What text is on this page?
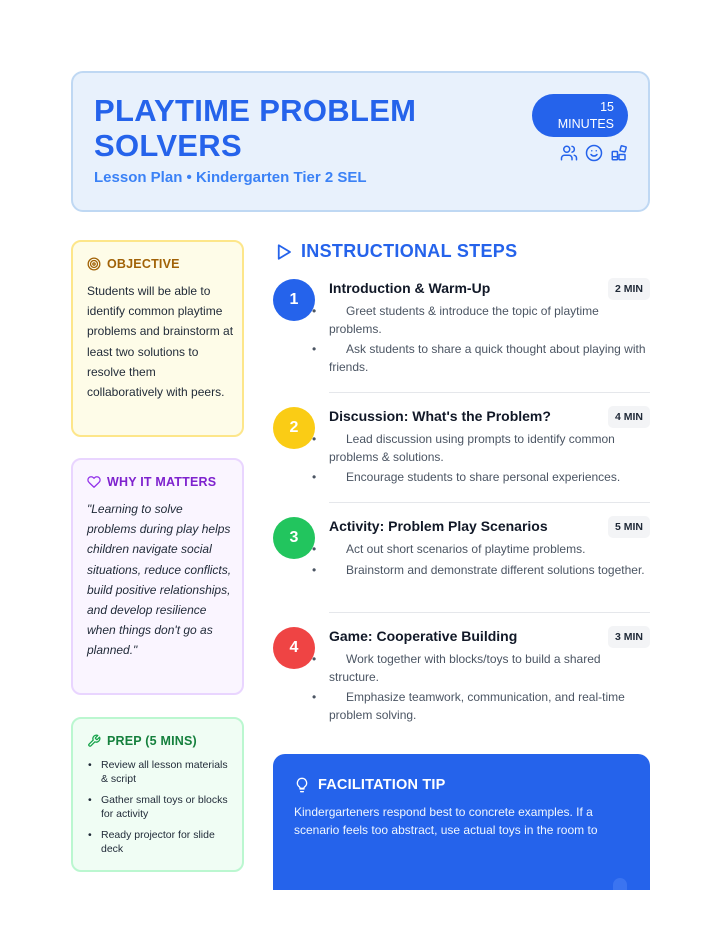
PLAYTIME PROBLEM SOLVERS
Lesson Plan • Kindergarten Tier 2 SEL
15
MINUTES
OBJECTIVE
Students will be able to identify common playtime problems and brainstorm at least two solutions to resolve them collaboratively with peers.
WHY IT MATTERS
"Learning to solve problems during play helps children navigate social situations, reduce conflicts, build positive relationships, and develop resilience when things don't go as planned."
PREP (5 MINS)
• Review all lesson materials & script
• Gather small toys or blocks for activity
• Ready projector for slide deck
INSTRUCTIONAL STEPS
1
Introduction & Warm-Up	2 MIN
• Greet students & introduce the topic of playtime problems.
• Ask students to share a quick thought about playing with friends.
2
Discussion: What's the Problem?	4 MIN
• Lead discussion using prompts to identify common problems & solutions.
• Encourage students to share personal experiences.
3
Activity: Problem Play Scenarios	5 MIN
• Act out short scenarios of playtime problems.
• Brainstorm and demonstrate different solutions together.
4
Game: Cooperative Building	3 MIN
• Work together with blocks/toys to build a shared structure.
• Emphasize teamwork, communication, and real-time problem solving.
FACILITATION TIP
Kindergarteners respond best to concrete examples. If a scenario feels too abstract, use actual toys in the room to
